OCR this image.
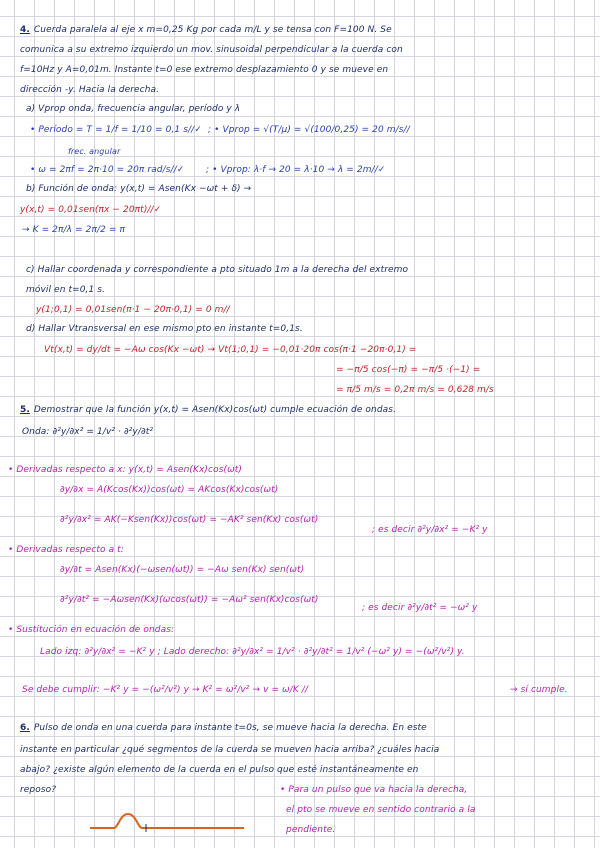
4. Cuerda paralela al eje x m=0,25 Kg por cada m/L y se tensa con F=100 N. Se
comunica a su extremo izquierdo un mov. sinusoidal perpendicular a la cuerda con
f=10Hz y A=0,01m. Instante t=0 ese extremo desplazamiento 0 y se mueve en
dirección -y. Hacia la derecha.
a) Vprop onda, frecuencia angular, período y λ
• Período = T = 1/f = 1/10 = 0,1 s//✓ ; • Vprop = √(T/μ) = √(100/0,25) = 20 m/s//
frec. angular
• ω = 2πf = 2π·10 = 20π rad/s//✓ ; • Vprop: λ·f → 20 = λ·10 → λ = 2m//✓
b) Función de onda: y(x,t) = Asen(Kx −ωt + δ) →
y(x,t) = 0,01sen(πx − 20πt)//✓
→ K = 2π/λ = 2π/2 = π
c) Hallar coordenada y correspondiente a pto situado 1m a la derecha del extremo
móvil en t=0,1 s.
y(1;0,1) = 0,01sen(π·1 − 20π·0,1) = 0 m//
d) Hallar Vtransversal en ese mismo pto en instante t=0,1s.
Vt(x,t) = dy/dt = −Aω cos(Kx −ωt) → Vt(1;0,1) = −0,01·20π cos(π·1 −20π·0,1) =
= −π/5 cos(−π) = −π/5 ·(−1) =
= π/5 m/s = 0,2π m/s = 0,628 m/s
5. Demostrar que la función y(x,t) = Asen(Kx)cos(ωt) cumple ecuación de ondas.
Onda: ∂²y/∂x² = 1/v² · ∂²y/∂t²
• Derivadas respecto a x: y(x,t) = Asen(Kx)cos(ωt)
∂y/∂x = A(Kcos(Kx))cos(ωt) = AKcos(Kx)cos(ωt)
∂²y/∂x² = AK(−Ksen(Kx))cos(ωt) = −AK² sen(Kx) cos(ωt)
; es decir ∂²y/∂x² = −K² y
• Derivadas respecto a t:
∂y/∂t = Asen(Kx)(−ωsen(ωt)) = −Aω sen(Kx) sen(ωt)
∂²y/∂t² = −Aωsen(Kx)(ωcos(ωt)) = −Aω² sen(Kx)cos(ωt)
; es decir ∂²y/∂t² = −ω² y
• Sustitución en ecuación de ondas:
Lado izq: ∂²y/∂x² = −K² y ; Lado derecho: ∂²y/∂x² = 1/v² · ∂²y/∂t² = 1/v² (−ω² y) = −(ω²/v²) y.
Se debe cumplir: −K² y = −(ω²/v²) y → K² = ω²/v² → v = ω/K //	→ sí cumple.
6. Pulso de onda en una cuerda para instante t=0s, se mueve hacia la derecha. En este
instante en particular ¿qué segmentos de la cuerda se mueven hacia arriba? ¿cuáles hacia
abajo? ¿existe algún elemento de la cuerda en el pulso que esté instantáneamente en
reposo?	• Para un pulso que va hacia la derecha,
el pto se mueve en sentido contrario a la
pendiente.
